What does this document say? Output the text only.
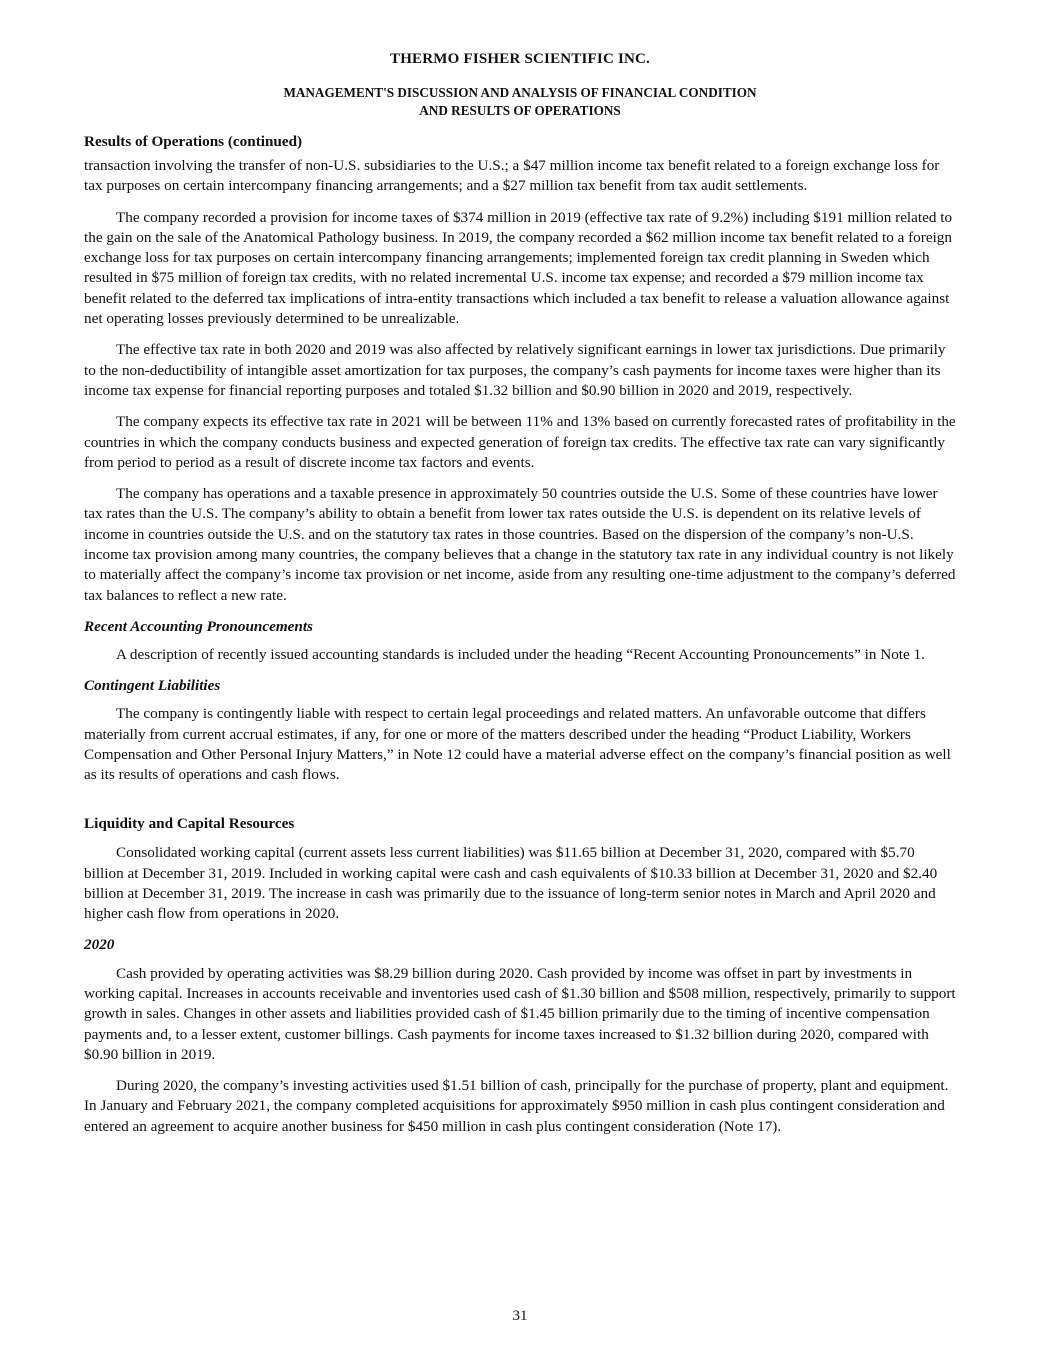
THERMO FISHER SCIENTIFIC INC.
MANAGEMENT'S DISCUSSION AND ANALYSIS OF FINANCIAL CONDITION
AND RESULTS OF OPERATIONS
Results of Operations (continued)

transaction involving the transfer of non-U.S. subsidiaries to the U.S.; a $47 million income tax benefit related to a foreign exchange loss for tax purposes on certain intercompany financing arrangements; and a $27 million tax benefit from tax audit settlements.

The company recorded a provision for income taxes of $374 million in 2019 (effective tax rate of 9.2%) including $191 million related to the gain on the sale of the Anatomical Pathology business. In 2019, the company recorded a $62 million income tax benefit related to a foreign exchange loss for tax purposes on certain intercompany financing arrangements; implemented foreign tax credit planning in Sweden which resulted in $75 million of foreign tax credits, with no related incremental U.S. income tax expense; and recorded a $79 million income tax benefit related to the deferred tax implications of intra-entity transactions which included a tax benefit to release a valuation allowance against net operating losses previously determined to be unrealizable.

The effective tax rate in both 2020 and 2019 was also affected by relatively significant earnings in lower tax jurisdictions. Due primarily to the non-deductibility of intangible asset amortization for tax purposes, the company’s cash payments for income taxes were higher than its income tax expense for financial reporting purposes and totaled $1.32 billion and $0.90 billion in 2020 and 2019, respectively.

The company expects its effective tax rate in 2021 will be between 11% and 13% based on currently forecasted rates of profitability in the countries in which the company conducts business and expected generation of foreign tax credits. The effective tax rate can vary significantly from period to period as a result of discrete income tax factors and events.

The company has operations and a taxable presence in approximately 50 countries outside the U.S. Some of these countries have lower tax rates than the U.S. The company’s ability to obtain a benefit from lower tax rates outside the U.S. is dependent on its relative levels of income in countries outside the U.S. and on the statutory tax rates in those countries. Based on the dispersion of the company’s non-U.S. income tax provision among many countries, the company believes that a change in the statutory tax rate in any individual country is not likely to materially affect the company’s income tax provision or net income, aside from any resulting one-time adjustment to the company’s deferred tax balances to reflect a new rate.

Recent Accounting Pronouncements

A description of recently issued accounting standards is included under the heading “Recent Accounting Pronouncements” in Note 1.

Contingent Liabilities

The company is contingently liable with respect to certain legal proceedings and related matters. An unfavorable outcome that differs materially from current accrual estimates, if any, for one or more of the matters described under the heading “Product Liability, Workers Compensation and Other Personal Injury Matters,” in Note 12 could have a material adverse effect on the company’s financial position as well as its results of operations and cash flows.

Liquidity and Capital Resources

Consolidated working capital (current assets less current liabilities) was $11.65 billion at December 31, 2020, compared with $5.70 billion at December 31, 2019. Included in working capital were cash and cash equivalents of $10.33 billion at December 31, 2020 and $2.40 billion at December 31, 2019. The increase in cash was primarily due to the issuance of long-term senior notes in March and April 2020 and higher cash flow from operations in 2020.

2020

Cash provided by operating activities was $8.29 billion during 2020. Cash provided by income was offset in part by investments in working capital. Increases in accounts receivable and inventories used cash of $1.30 billion and $508 million, respectively, primarily to support growth in sales. Changes in other assets and liabilities provided cash of $1.45 billion primarily due to the timing of incentive compensation payments and, to a lesser extent, customer billings. Cash payments for income taxes increased to $1.32 billion during 2020, compared with $0.90 billion in 2019.

During 2020, the company’s investing activities used $1.51 billion of cash, principally for the purchase of property, plant and equipment. In January and February 2021, the company completed acquisitions for approximately $950 million in cash plus contingent consideration and entered an agreement to acquire another business for $450 million in cash plus contingent consideration (Note 17).

31
